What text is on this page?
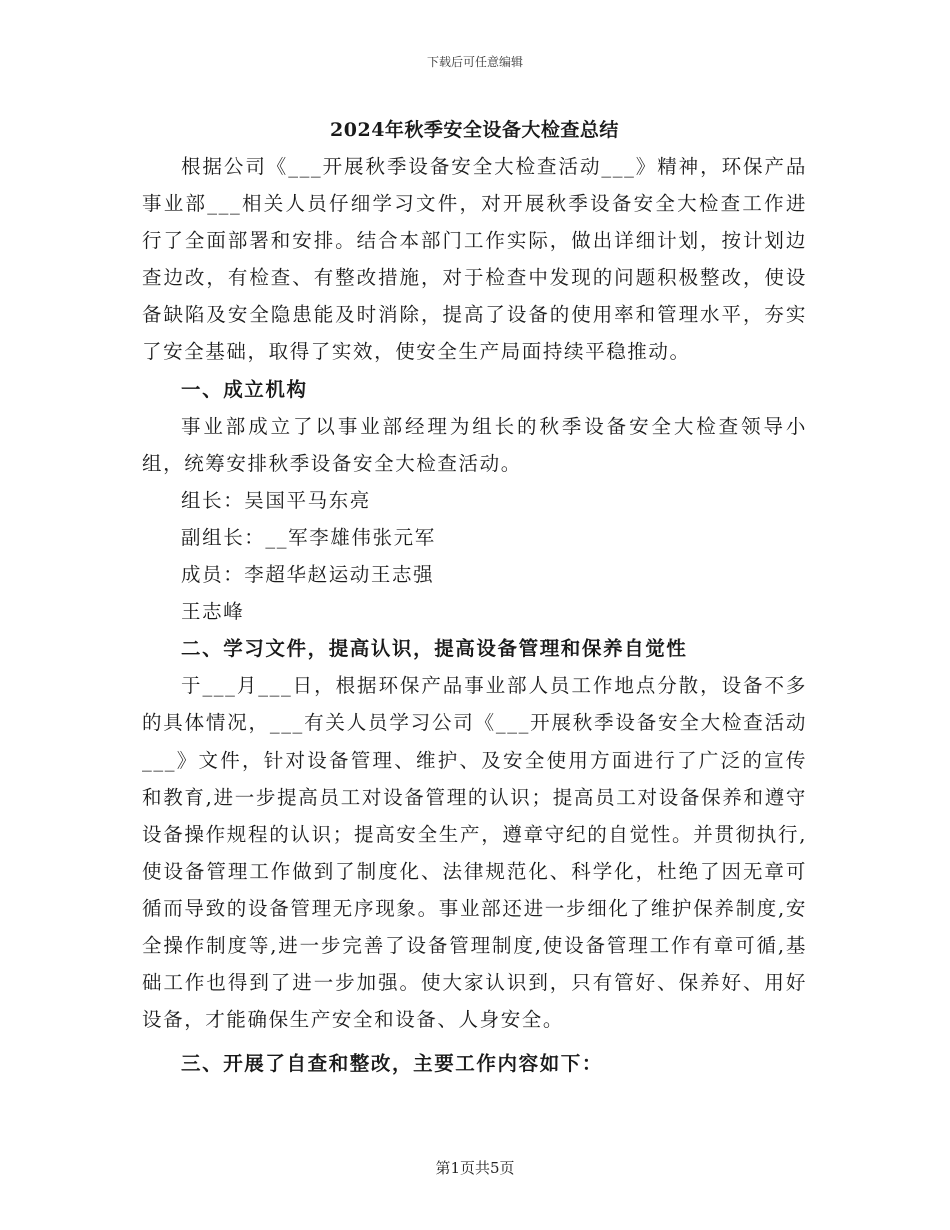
下载后可任意编辑
2024年秋季安全设备大检查总结

根据公司《___开展秋季设备安全大检查活动___》精神，环保产品事业部___相关人员仔细学习文件，对开展秋季设备安全大检查工作进行了全面部署和安排。结合本部门工作实际，做出详细计划，按计划边查边改，有检查、有整改措施，对于检查中发现的问题积极整改，使设备缺陷及安全隐患能及时消除，提高了设备的使用率和管理水平，夯实了安全基础，取得了实效，使安全生产局面持续平稳推动。

一、成立机构

事业部成立了以事业部经理为组长的秋季设备安全大检查领导小组，统筹安排秋季设备安全大检查活动。

组长：吴国平马东亮

副组长：__军李雄伟张元军

成员：李超华赵运动王志强

王志峰

二、学习文件，提高认识，提高设备管理和保养自觉性

于___月___日，根据环保产品事业部人员工作地点分散，设备不多的具体情况，___有关人员学习公司《___开展秋季设备安全大检查活动___》文件，针对设备管理、维护、及安全使用方面进行了广泛的宣传和教育,进一步提高员工对设备管理的认识；提高员工对设备保养和遵守设备操作规程的认识；提高安全生产，遵章守纪的自觉性。并贯彻执行,使设备管理工作做到了制度化、法律规范化、科学化，杜绝了因无章可循而导致的设备管理无序现象。事业部还进一步细化了维护保养制度,安全操作制度等,进一步完善了设备管理制度,使设备管理工作有章可循,基础工作也得到了进一步加强。使大家认识到，只有管好、保养好、用好设备，才能确保生产安全和设备、人身安全。

三、开展了自查和整改，主要工作内容如下：

第1页共5页
